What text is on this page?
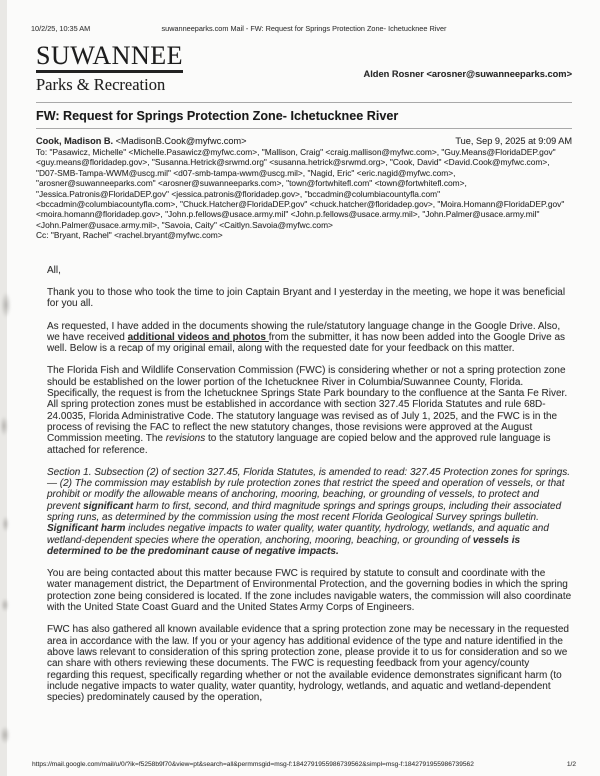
10/2/25, 10:35 AM	suwanneeparks.com Mail - FW: Request for Springs Protection Zone- Ichetucknee River
SUWANNEE
Parks & Recreation
Alden Rosner <arosner@suwanneeparks.com>
FW: Request for Springs Protection Zone- Ichetucknee River
Cook, Madison B. <MadisonB.Cook@myfwc.com>	Tue, Sep 9, 2025 at 9:09 AM
To: "Pasawicz, Michelle" <Michelle.Pasawicz@myfwc.com>, "Mallison, Craig" <craig.mallison@myfwc.com>, "Guy.Means@FloridaDEP.gov" <guy.means@floridadep.gov>, "Susanna.Hetrick@srwmd.org" <susanna.hetrick@srwmd.org>, "Cook, David" <David.Cook@myfwc.com>, "D07-SMB-Tampa-WWM@uscg.mil" <d07-smb-tampa-wwm@uscg.mil>, "Nagid, Eric" <eric.nagid@myfwc.com>, "arosner@suwanneeparks.com" <arosner@suwanneeparks.com>, "town@fortwhitefl.com" <town@fortwhitefl.com>, "Jessica.Patronis@FloridaDEP.gov" <jessica.patronis@floridadep.gov>, "bccadmin@columbiacountyfla.com" <bccadmin@columbiacountyfla.com>, "Chuck.Hatcher@FloridaDEP.gov" <chuck.hatcher@floridadep.gov>, "Moira.Homann@FloridaDEP.gov" <moira.homann@floridadep.gov>, "John.p.fellows@usace.army.mil" <John.p.fellows@usace.army.mil>, "John.Palmer@usace.army.mil" <John.Palmer@usace.army.mil>, "Savoia, Caity" <Caitlyn.Savoia@myfwc.com>
Cc: "Bryant, Rachel" <rachel.bryant@myfwc.com>

All,

Thank you to those who took the time to join Captain Bryant and I yesterday in the meeting, we hope it was beneficial for you all.

As requested, I have added in the documents showing the rule/statutory language change in the Google Drive. Also, we have received additional videos and photos from the submitter, it has now been added into the Google Drive as well. Below is a recap of my original email, along with the requested date for your feedback on this matter.

The Florida Fish and Wildlife Conservation Commission (FWC) is considering whether or not a spring protection zone should be established on the lower portion of the Ichetucknee River in Columbia/Suwannee County, Florida. Specifically, the request is from the Ichetucknee Springs State Park boundary to the confluence at the Santa Fe River. All spring protection zones must be established in accordance with section 327.45 Florida Statutes and rule 68D-24.0035, Florida Administrative Code. The statutory language was revised as of July 1, 2025, and the FWC is in the process of revising the FAC to reflect the new statutory changes, those revisions were approved at the August Commission meeting. The revisions to the statutory language are copied below and the approved rule language is attached for reference.

Section 1. Subsection (2) of section 327.45, Florida Statutes, is amended to read: 327.45 Protection zones for springs.— (2) The commission may establish by rule protection zones that restrict the speed and operation of vessels, or that prohibit or modify the allowable means of anchoring, mooring, beaching, or grounding of vessels, to protect and prevent significant harm to first, second, and third magnitude springs and springs groups, including their associated spring runs, as determined by the commission using the most recent Florida Geological Survey springs bulletin. Significant harm includes negative impacts to water quality, water quantity, hydrology, wetlands, and aquatic and wetland-dependent species where the operation, anchoring, mooring, beaching, or grounding of vessels is determined to be the predominant cause of negative impacts.

You are being contacted about this matter because FWC is required by statute to consult and coordinate with the water management district, the Department of Environmental Protection, and the governing bodies in which the spring protection zone being considered is located. If the zone includes navigable waters, the commission will also coordinate with the United State Coast Guard and the United States Army Corps of Engineers.

FWC has also gathered all known available evidence that a spring protection zone may be necessary in the requested area in accordance with the law. If you or your agency has additional evidence of the type and nature identified in the above laws relevant to consideration of this spring protection zone, please provide it to us for consideration and so we can share with others reviewing these documents. The FWC is requesting feedback from your agency/county regarding this request, specifically regarding whether or not the available evidence demonstrates significant harm (to include negative impacts to water quality, water quantity, hydrology, wetlands, and aquatic and wetland-dependent species) predominately caused by the operation,

https://mail.google.com/mail/u/0/?ik=f5258b9f70&view=pt&search=all&permmsgid=msg-f:1842791955986739562&simpl=msg-f:1842791955986739562	1/2
